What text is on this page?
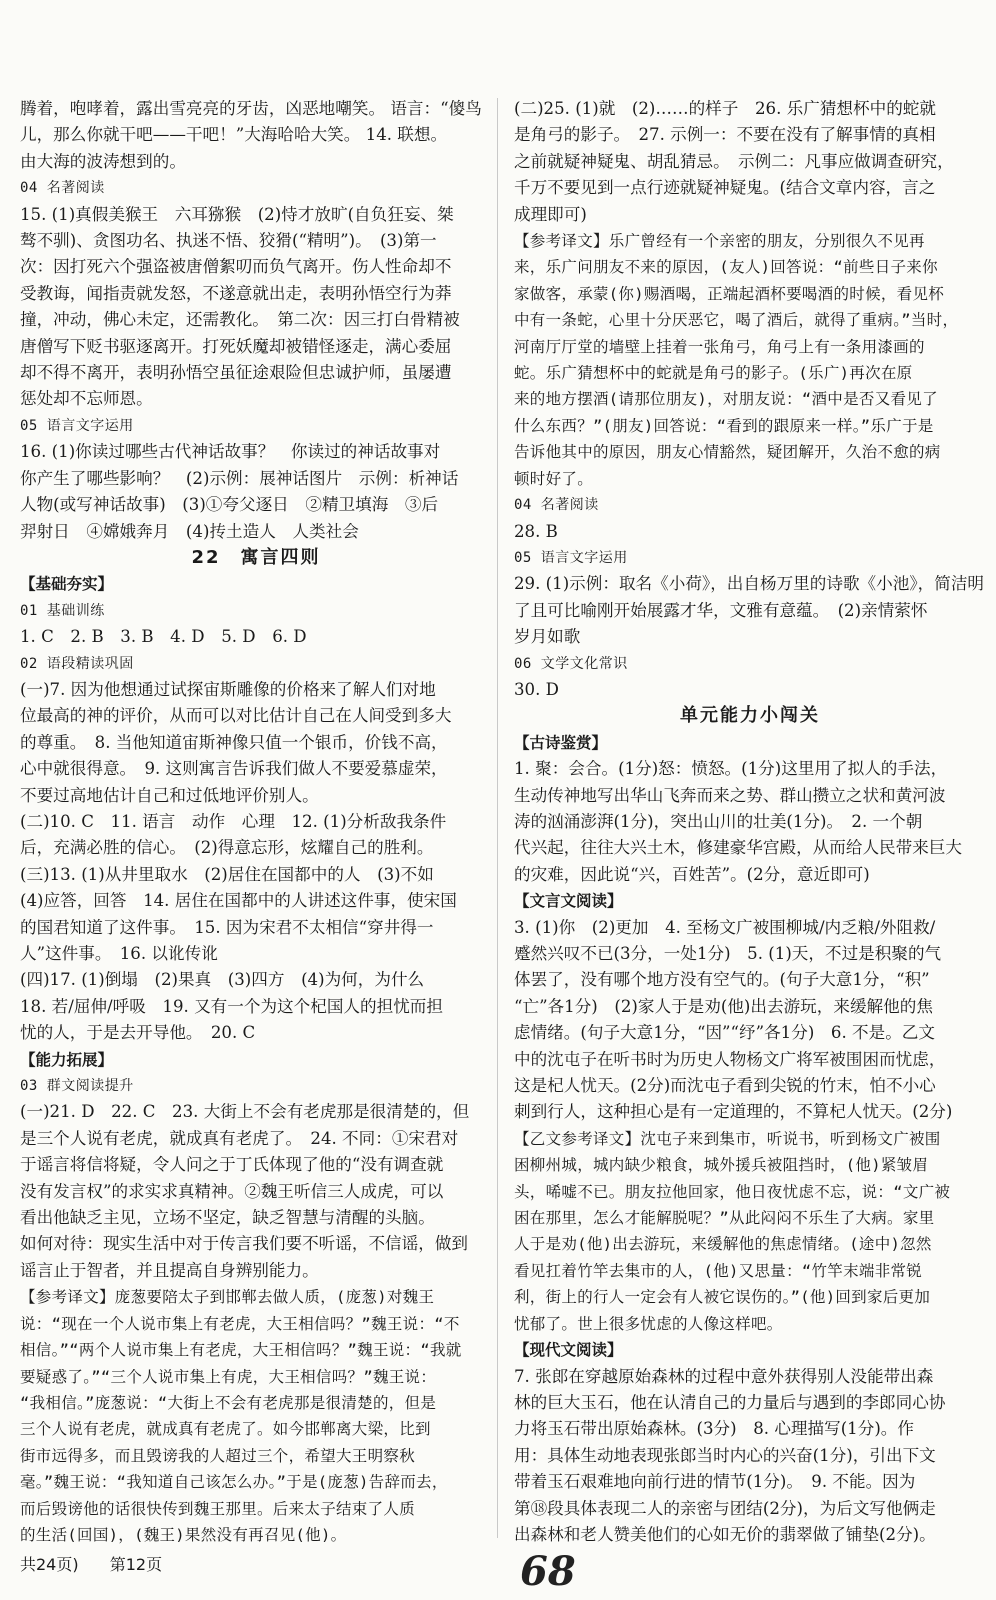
腾着，咆哮着，露出雪亮亮的牙齿，凶恶地嘲笑。 语言：“傻鸟
儿，那么你就干吧——干吧！”大海哈哈大笑。 14. 联想。
由大海的波涛想到的。
04 名著阅读
15. (1)真假美猴王　六耳猕猴　(2)恃才放旷(自负狂妄、桀
骜不驯)、贪图功名、执迷不悟、狡猾(“精明”)。　(3)第一
次：因打死六个强盗被唐僧絮叨而负气离开。伤人性命却不
受教诲，闻指责就发怒，不遂意就出走，表明孙悟空行为莽
撞，冲动，佛心未定，还需教化。　第二次：因三打白骨精被
唐僧写下贬书驱逐离开。打死妖魔却被错怪逐走，满心委屈
却不得不离开，表明孙悟空虽征途艰险但忠诚护师，虽屡遭
惩处却不忘师恩。
05 语言文字运用
16. (1)你读过哪些古代神话故事？　你读过的神话故事对
你产生了哪些影响？　(2)示例：展神话图片　示例：析神话
人物(或写神话故事)　(3)①夸父逐日　②精卫填海　③后
羿射日　④嫦娥奔月　(4)抟土造人　人类社会
22　寓言四则
【基础夯实】
01 基础训练
1. C　2. B　3. B　4. D　5. D　6. D
02 语段精读巩固
(一)7. 因为他想通过试探宙斯雕像的价格来了解人们对地
位最高的神的评价，从而可以对比估计自己在人间受到多大
的尊重。　8. 当他知道宙斯神像只值一个银币，价钱不高，
心中就很得意。　9. 这则寓言告诉我们做人不要爱慕虚荣，
不要过高地估计自己和过低地评价别人。
(二)10. C　11. 语言　动作　心理　12. (1)分析敌我条件
后，充满必胜的信心。　(2)得意忘形，炫耀自己的胜利。
(三)13. (1)从井里取水　(2)居住在国都中的人　(3)不如
(4)应答，回答　14. 居住在国都中的人讲述这件事，使宋国
的国君知道了这件事。　15. 因为宋君不太相信“穿井得一
人”这件事。　16. 以讹传讹
(四)17. (1)倒塌　(2)果真　(3)四方　(4)为何，为什么
18. 若/屈伸/呼吸　19. 又有一个为这个杞国人的担忧而担
忧的人，于是去开导他。　20. C
【能力拓展】
03 群文阅读提升
(一)21. D　22. C　23. 大街上不会有老虎那是很清楚的，但
是三个人说有老虎，就成真有老虎了。　24. 不同：①宋君对
于谣言将信将疑，令人问之于丁氏体现了他的“没有调查就
没有发言权”的求实求真精神。②魏王听信三人成虎，可以
看出他缺乏主见，立场不坚定，缺乏智慧与清醒的头脑。
如何对待：现实生活中对于传言我们要不听谣，不信谣，做到
谣言止于智者，并且提高自身辨别能力。
【参考译文】庞葱要陪太子到邯郸去做人质，(庞葱)对魏王
说：“现在一个人说市集上有老虎，大王相信吗？”魏王说：“不
相信。”“两个人说市集上有老虎，大王相信吗？”魏王说：“我就
要疑惑了。”“三个人说市集上有虎，大王相信吗？”魏王说：
“我相信。”庞葱说：“大街上不会有老虎那是很清楚的，但是
三个人说有老虎，就成真有老虎了。如今邯郸离大梁，比到
街市远得多，而且毁谤我的人超过三个，希望大王明察秋
毫。”魏王说：“我知道自己该怎么办。”于是(庞葱)告辞而去，
而后毁谤他的话很快传到魏王那里。后来太子结束了人质
的生活(回国)，(魏王)果然没有再召见(他)。
(二)25. (1)就　(2)……的样子　26. 乐广猜想杯中的蛇就
是角弓的影子。　27. 示例一：不要在没有了解事情的真相
之前就疑神疑鬼、胡乱猜忌。　示例二：凡事应做调查研究，
千万不要见到一点行迹就疑神疑鬼。(结合文章内容，言之
成理即可)
【参考译文】乐广曾经有一个亲密的朋友，分别很久不见再
来，乐广问朋友不来的原因，(友人)回答说：“前些日子来你
家做客，承蒙(你)赐酒喝，正端起酒杯要喝酒的时候，看见杯
中有一条蛇，心里十分厌恶它，喝了酒后，就得了重病。”当时，
河南厅厅堂的墙壁上挂着一张角弓，角弓上有一条用漆画的
蛇。乐广猜想杯中的蛇就是角弓的影子。(乐广)再次在原
来的地方摆酒(请那位朋友)，对朋友说：“酒中是否又看见了
什么东西？”(朋友)回答说：“看到的跟原来一样。”乐广于是
告诉他其中的原因，朋友心情豁然，疑团解开，久治不愈的病
顿时好了。
04 名著阅读
28. B
05 语言文字运用
29. (1)示例：取名《小荷》，出自杨万里的诗歌《小池》，简洁明
了且可比喻刚开始展露才华，文雅有意蕴。　(2)亲情萦怀
岁月如歌
06 文学文化常识
30. D
单元能力小闯关
【古诗鉴赏】
1. 聚：会合。(1分)怒：愤怒。(1分)这里用了拟人的手法，
生动传神地写出华山飞奔而来之势、群山攒立之状和黄河波
涛的汹涌澎湃(1分)，突出山川的壮美(1分)。　2. 一个朝
代兴起，往往大兴土木，修建豪华宫殿，从而给人民带来巨大
的灾难，因此说“兴，百姓苦”。(2分，意近即可)
【文言文阅读】
3. (1)你　(2)更加　4. 至杨文广被围柳城/内乏粮/外阻救/
蹙然兴叹不已(3分，一处1分)　5. (1)天，不过是积聚的气
体罢了，没有哪个地方没有空气的。(句子大意1分，“积”
“亡”各1分)　(2)家人于是劝(他)出去游玩，来缓解他的焦
虑情绪。(句子大意1分，“因”“纾”各1分)　6. 不是。乙文
中的沈屯子在听书时为历史人物杨文广将军被围困而忧虑，
这是杞人忧天。(2分)而沈屯子看到尖锐的竹末，怕不小心
刺到行人，这种担心是有一定道理的，不算杞人忧天。(2分)
【乙文参考译文】沈屯子来到集市，听说书，听到杨文广被围
困柳州城，城内缺少粮食，城外援兵被阻挡时，(他)紧皱眉
头，唏嘘不已。朋友拉他回家，他日夜忧虑不忘，说：“文广被
困在那里，怎么才能解脱呢？”从此闷闷不乐生了大病。家里
人于是劝(他)出去游玩，来缓解他的焦虑情绪。(途中)忽然
看见扛着竹竿去集市的人，(他)又思量：“竹竿末端非常锐
利，街上的行人一定会有人被它误伤的。”(他)回到家后更加
忧郁了。世上很多忧虑的人像这样吧。
【现代文阅读】
7. 张郎在穿越原始森林的过程中意外获得别人没能带出森
林的巨大玉石，他在认清自己的力量后与遇到的李郎同心协
力将玉石带出原始森林。(3分)　8. 心理描写(1分)。作
用：具体生动地表现张郎当时内心的兴奋(1分)，引出下文
带着玉石艰难地向前行进的情节(1分)。　9. 不能。因为
第⑱段具体表现二人的亲密与团结(2分)，为后文写他俩走
出森林和老人赞美他们的心如无价的翡翠做了铺垫(2分)。
共24页) 第12页	68
